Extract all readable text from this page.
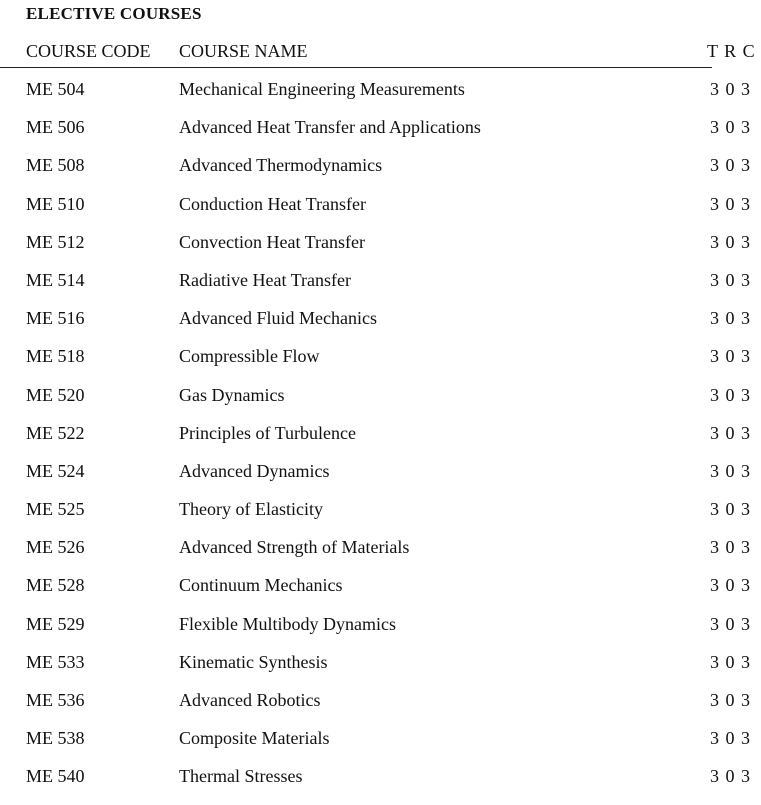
ELECTIVE COURSES
COURSE CODE COURSE NAME	T R C
ME 504	Mechanical Engineering Measurements	3 0 3
ME 506	Advanced Heat Transfer and Applications	3 0 3
ME 508	Advanced Thermodynamics	3 0 3
ME 510	Conduction Heat Transfer	3 0 3
ME 512	Convection Heat Transfer	3 0 3
ME 514	Radiative Heat Transfer	3 0 3
ME 516	Advanced Fluid Mechanics	3 0 3
ME 518	Compressible Flow	3 0 3
ME 520	Gas Dynamics	3 0 3
ME 522	Principles of Turbulence	3 0 3
ME 524	Advanced Dynamics	3 0 3
ME 525	Theory of Elasticity	3 0 3
ME 526	Advanced Strength of Materials	3 0 3
ME 528	Continuum Mechanics	3 0 3
ME 529	Flexible Multibody Dynamics	3 0 3
ME 533	Kinematic Synthesis	3 0 3
ME 536	Advanced Robotics	3 0 3
ME 538	Composite Materials	3 0 3
ME 540	Thermal Stresses	3 0 3
